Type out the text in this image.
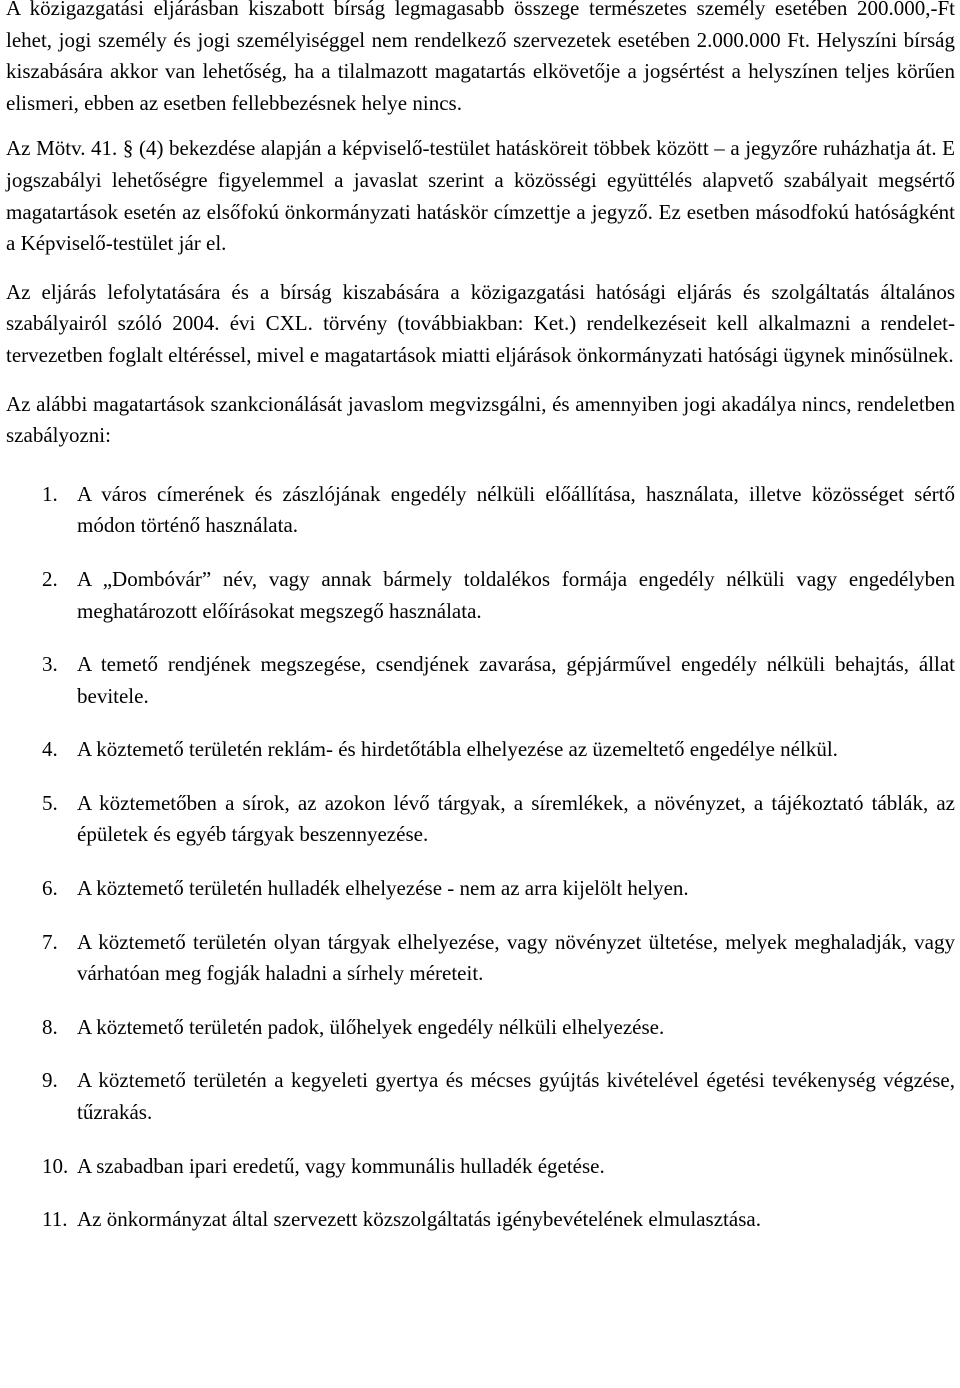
A közigazgatási eljárásban kiszabott bírság legmagasabb összege természetes személy esetében 200.000,-Ft lehet, jogi személy és jogi személyiséggel nem rendelkező szervezetek esetében 2.000.000 Ft. Helyszíni bírság kiszabására akkor van lehetőség, ha a tilalmazott magatartás elkövetője a jogsértést a helyszínen teljes körűen elismeri, ebben az esetben fellebbezésnek helye nincs.

Az Mötv. 41. § (4) bekezdése alapján a képviselő-testület hatásköreit többek között – a jegyzőre ruházhatja át. E jogszabályi lehetőségre figyelemmel a javaslat szerint a közösségi együttélés alapvető szabályait megsértő magatartások esetén az elsőfokú önkormányzati hatáskör címzettje a jegyző. Ez esetben másodfokú hatóságként a Képviselő-testület jár el.

Az eljárás lefolytatására és a bírság kiszabására a közigazgatási hatósági eljárás és szolgáltatás általános szabályairól szóló 2004. évi CXL. törvény (továbbiakban: Ket.) rendelkezéseit kell alkalmazni a rendelet-tervezetben foglalt eltéréssel, mivel e magatartások miatti eljárások önkormányzati hatósági ügynek minősülnek.

Az alábbi magatartások szankcionálását javaslom megvizsgálni, és amennyiben jogi akadálya nincs, rendeletben szabályozni:

1. A város címerének és zászlójának engedély nélküli előállítása, használata, illetve közösséget sértő módon történő használata.
2. A „Dombóvár” név, vagy annak bármely toldalékos formája engedély nélküli vagy engedélyben meghatározott előírásokat megszegő használata.
3. A temető rendjének megszegése, csendjének zavarása, gépjárművel engedély nélküli behajtás, állat bevitele.
4. A köztemető területén reklám- és hirdetőtábla elhelyezése az üzemeltető engedélye nélkül.
5. A köztemetőben a sírok, az azokon lévő tárgyak, a síremlékek, a növényzet, a tájékoztató táblák, az épületek és egyéb tárgyak beszennyezése.
6. A köztemető területén hulladék elhelyezése - nem az arra kijelölt helyen.
7. A köztemető területén olyan tárgyak elhelyezése, vagy növényzet ültetése, melyek meghaladják, vagy várhatóan meg fogják haladni a sírhely méreteit.
8. A köztemető területén padok, ülőhelyek engedély nélküli elhelyezése.
9. A köztemető területén a kegyeleti gyertya és mécses gyújtás kivételével égetési tevékenység végzése, tűzrakás.
10. A szabadban ipari eredetű, vagy kommunális hulladék égetése.
11. Az önkormányzat által szervezett közszolgáltatás igénybevételének elmulasztása.
